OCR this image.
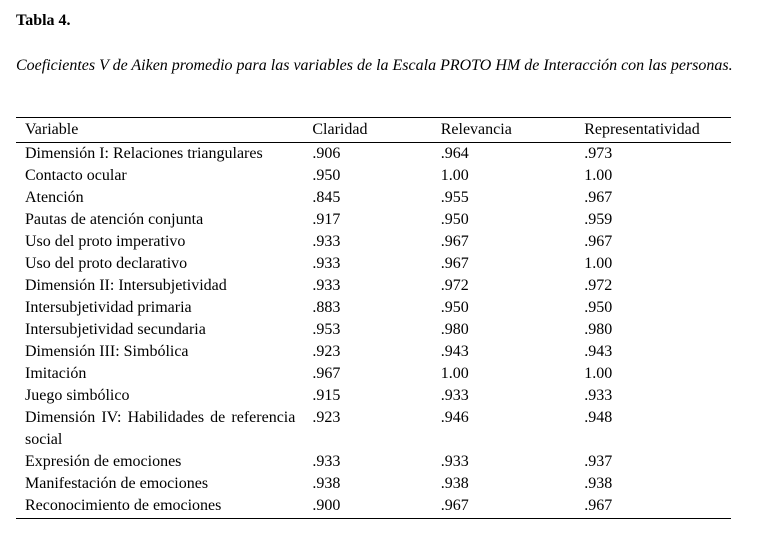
Tabla 4.

Coeficientes V de Aiken promedio para las variables de la Escala PROTO HM de Interacción con las personas.

Variable	Claridad	Relevancia	Representatividad
Dimensión I: Relaciones triangulares	.906	.964	.973
Contacto ocular	.950	1.00	1.00
Atención	.845	.955	.967
Pautas de atención conjunta	.917	.950	.959
Uso del proto imperativo	.933	.967	.967
Uso del proto declarativo	.933	.967	1.00
Dimensión II: Intersubjetividad	.933	.972	.972
Intersubjetividad primaria	.883	.950	.950
Intersubjetividad secundaria	.953	.980	.980
Dimensión III: Simbólica	.923	.943	.943
Imitación	.967	1.00	1.00
Juego simbólico	.915	.933	.933
Dimensión IV: Habilidades de referencia social	.923	.946	.948
Expresión de emociones	.933	.933	.937
Manifestación de emociones	.938	.938	.938
Reconocimiento de emociones	.900	.967	.967
